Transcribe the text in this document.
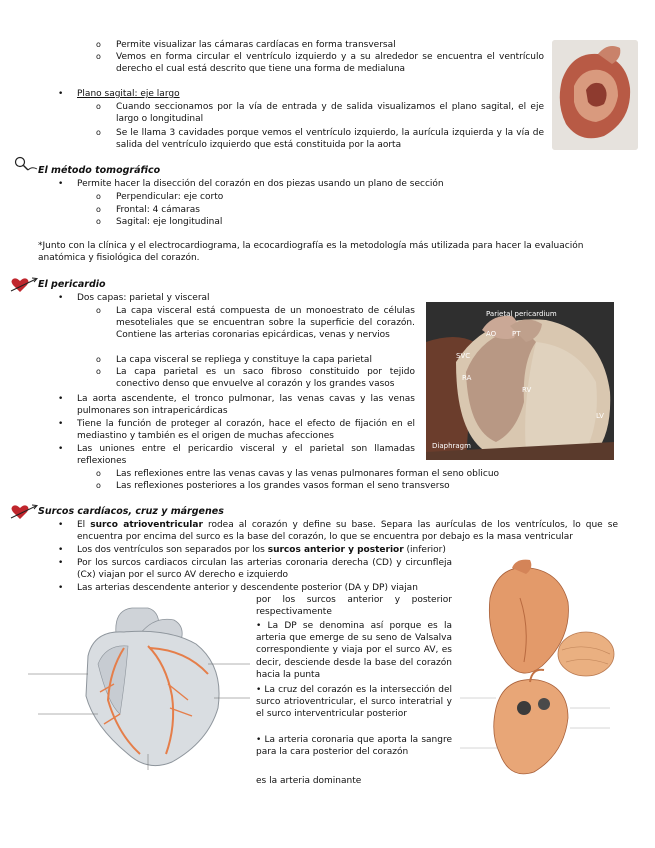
o Permite visualizar las cámaras cardíacas en forma transversal
o Vemos en forma circular el ventrículo izquierdo y a su alrededor se encuentra el ventrículo derecho el cual está descrito que tiene una forma de medialuna
• Plano sagital: eje largo
o Cuando seccionamos por la vía de entrada y de salida visualizamos el plano sagital, el eje largo o longitudinal
o Se le llama 3 cavidades porque vemos el ventrículo izquierdo, la aurícula izquierda y la vía de salida del ventrículo izquierdo que está constituida por la aorta
El método tomográfico
• Permite hacer la disección del corazón en dos piezas usando un plano de sección
o Perpendicular: eje corto
o Frontal: 4 cámaras
o Sagital: eje longitudinal
*Junto con la clínica y el electrocardiograma, la ecocardiografía es la metodología más utilizada para hacer la evaluación anatómica y fisiológica del corazón.
El pericardio
• Dos capas: parietal y visceral
o La capa visceral está compuesta de un monoestrato de células mesoteliales que se encuentran sobre la superficie del corazón. Contiene las arterias coronarias epicárdicas, venas y nervios
o La capa visceral se repliega y constituye la capa parietal
o La capa parietal es un saco fibroso constituido por tejido conectivo denso que envuelve al corazón y los grandes vasos
• La aorta ascendente, el tronco pulmonar, las venas cavas y las venas pulmonares son intrapericárdicas
• Tiene la función de proteger al corazón, hace el efecto de fijación en el mediastino y también es el origen de muchas afecciones
• Las uniones entre el pericardio visceral y el parietal son llamadas reflexiones
o Las reflexiones entre las venas cavas y las venas pulmonares forman el seno oblicuo
o Las reflexiones posteriores a los grandes vasos forman el seno transverso
Parietal pericardium
AO PT
SVC
RA
RV
LV
Diaphragm
Surcos cardíacos, cruz y márgenes
• El surco atrioventricular rodea al corazón y define su base. Separa las aurículas de los ventrículos, lo que se encuentra por encima del surco es la base del corazón, lo que se encuentra por debajo es la masa ventricular
• Los dos ventrículos son separados por los surcos anterior y posterior (inferior)
• Por los surcos cardiacos circulan las arterias coronaria derecha (CD) y circunfleja (Cx) viajan por el surco AV derecho e izquierdo
• Las arterias descendente anterior y descendente posterior (DA y DP) viajan
por los surcos anterior y posterior respectivamente
• La DP se denomina así porque es la arteria que emerge de su seno de Valsalva correspondiente y viaja por el surco AV, es decir, desciende desde la base del corazón hacia la punta
• La cruz del corazón es la intersección del surco atrioventricular, el surco interatrial y el surco interventricular posterior
• La arteria coronaria que aporta la sangre para la cara posterior del corazón
es la arteria dominante
